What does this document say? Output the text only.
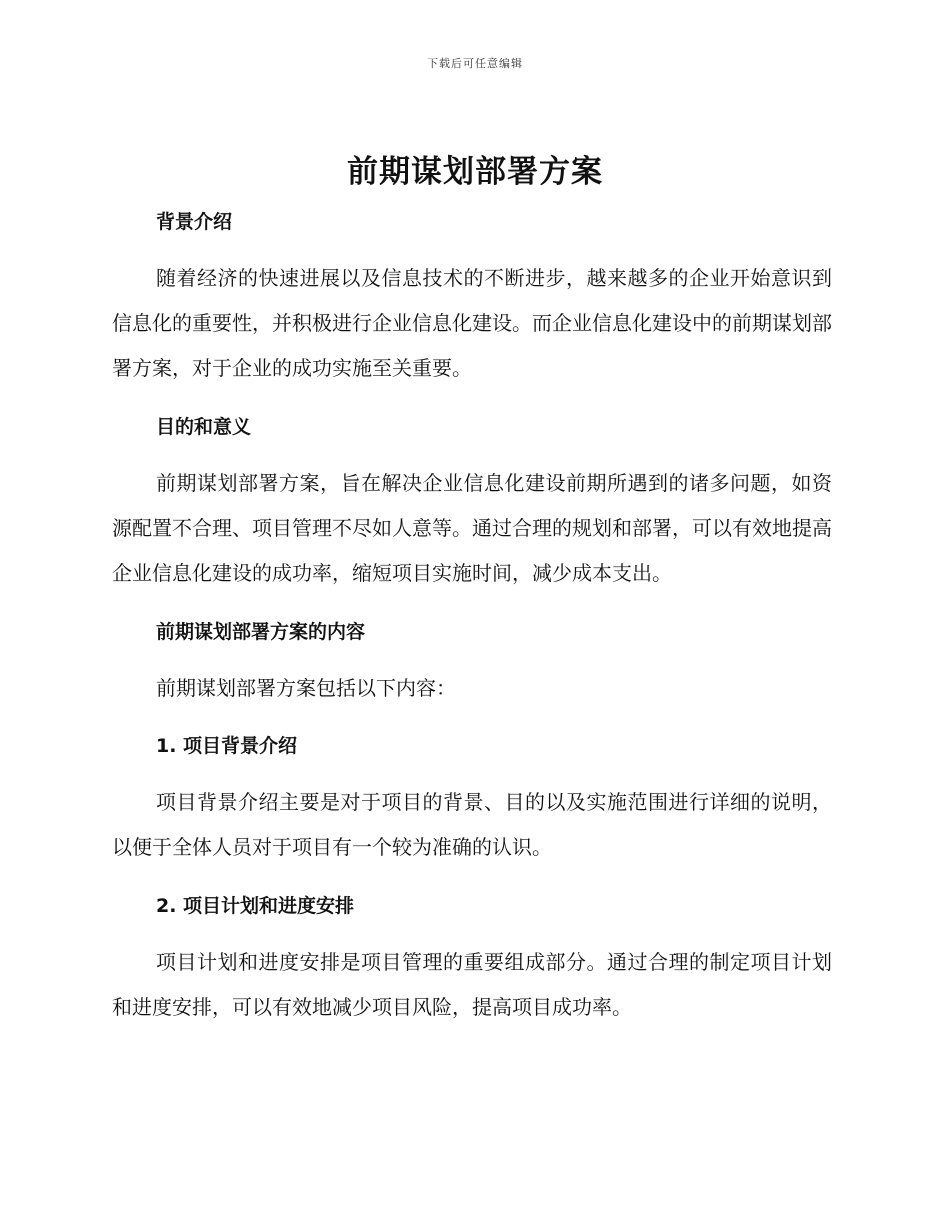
下载后可任意编辑
前期谋划部署方案
背景介绍

随着经济的快速进展以及信息技术的不断进步，越来越多的企业开始意识到信息化的重要性，并积极进行企业信息化建设。而企业信息化建设中的前期谋划部署方案，对于企业的成功实施至关重要。

目的和意义

前期谋划部署方案，旨在解决企业信息化建设前期所遇到的诸多问题，如资源配置不合理、项目管理不尽如人意等。通过合理的规划和部署，可以有效地提高企业信息化建设的成功率，缩短项目实施时间，减少成本支出。

前期谋划部署方案的内容

前期谋划部署方案包括以下内容：

1. 项目背景介绍

项目背景介绍主要是对于项目的背景、目的以及实施范围进行详细的说明，以便于全体人员对于项目有一个较为准确的认识。

2. 项目计划和进度安排

项目计划和进度安排是项目管理的重要组成部分。通过合理的制定项目计划和进度安排，可以有效地减少项目风险，提高项目成功率。
